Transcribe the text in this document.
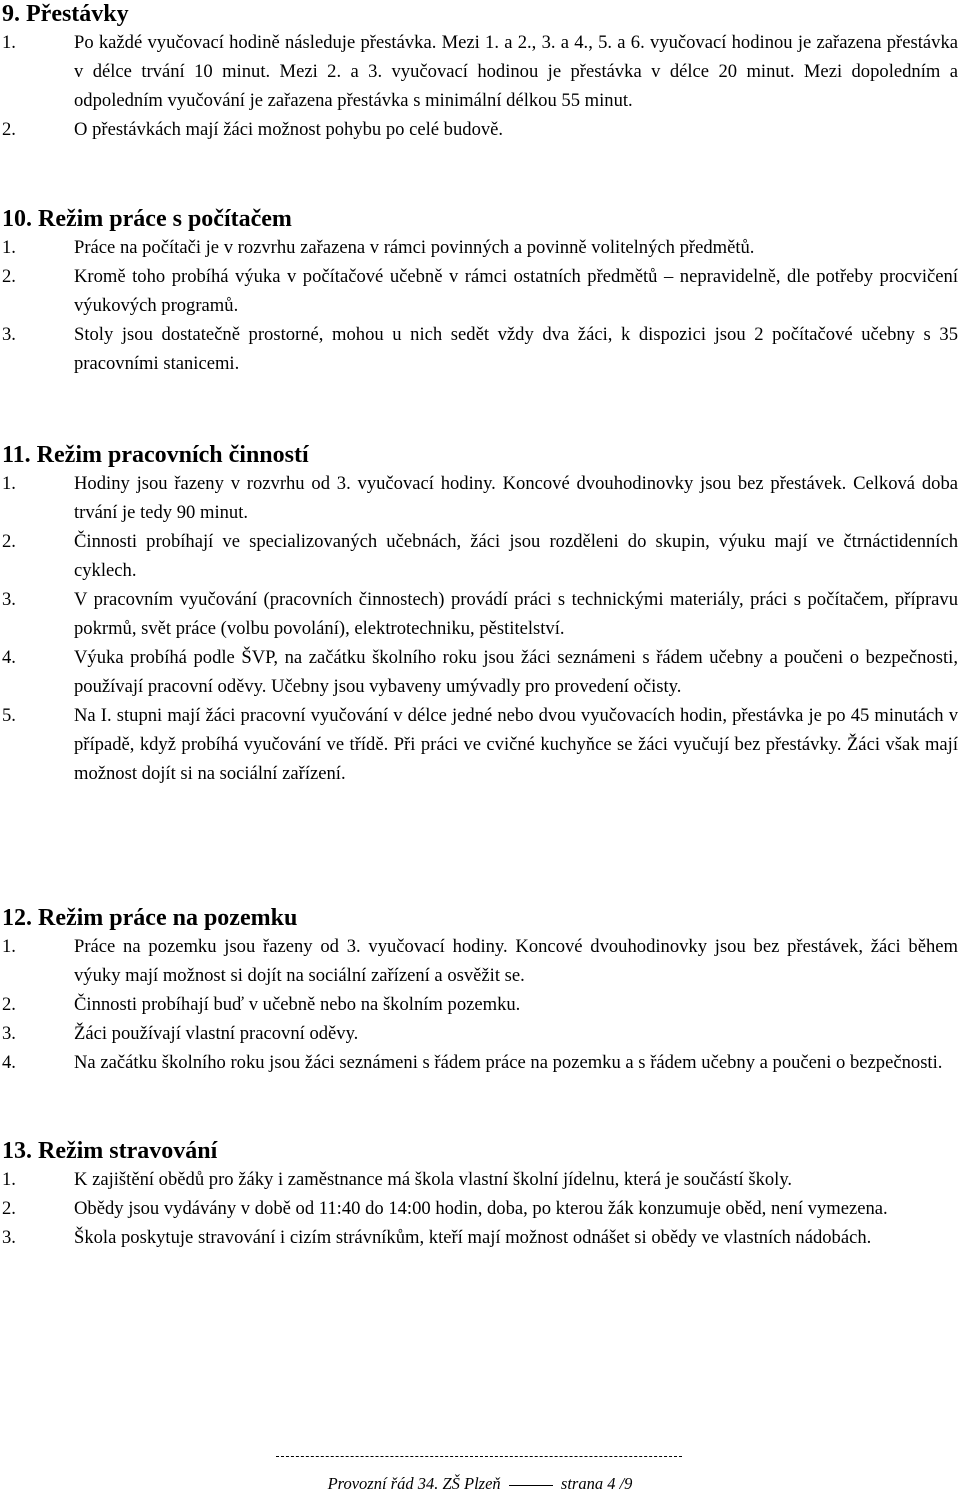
9. Přestávky
1.	Po každé vyučovací hodině následuje přestávka. Mezi 1. a 2., 3. a 4., 5. a 6. vyučovací hodinou je zařazena přestávka v délce trvání 10 minut. Mezi 2. a 3. vyučovací hodinou je přestávka v délce 20 minut. Mezi dopoledním a odpoledním vyučování je zařazena přestávka s minimální délkou 55 minut.
2.	O přestávkách mají žáci možnost pohybu po celé budově.
10. Režim práce s počítačem
1.	Práce na počítači je v rozvrhu zařazena v rámci povinných a povinně volitelných předmětů.
2.	Kromě toho probíhá výuka v počítačové učebně v rámci ostatních předmětů – nepravidelně, dle potřeby procvičení výukových programů.
3.	Stoly jsou dostatečně prostorné, mohou u nich sedět vždy dva žáci, k dispozici jsou 2 počítačové učebny s 35 pracovními stanicemi.
11. Režim pracovních činností
1.	Hodiny jsou řazeny v rozvrhu od 3. vyučovací hodiny. Koncové dvouhodinovky jsou bez přestávek. Celková doba trvání je tedy 90 minut.
2.	Činnosti probíhají ve specializovaných učebnách, žáci jsou rozděleni do skupin, výuku mají ve čtrnáctidenních cyklech.
3.	V pracovním vyučování (pracovních činnostech) provádí práci s technickými materiály, práci s počítačem, přípravu pokrmů, svět práce (volbu povolání), elektrotechniku, pěstitelství.
4.	Výuka probíhá podle ŠVP, na začátku školního roku jsou žáci seznámeni s řádem učebny a poučeni o bezpečnosti, používají pracovní oděvy. Učebny jsou vybaveny umývadly pro provedení očisty.
5.	Na I. stupni mají žáci pracovní vyučování v délce jedné nebo dvou vyučovacích hodin, přestávka je po 45 minutách v případě, když probíhá vyučování ve třídě. Při práci ve cvičné kuchyňce se žáci vyučují bez přestávky. Žáci však mají možnost dojít si na sociální zařízení.
12. Režim práce na pozemku
1.	Práce na pozemku jsou řazeny od 3. vyučovací hodiny. Koncové dvouhodinovky jsou bez přestávek, žáci během výuky mají možnost si dojít na sociální zařízení a osvěžit se.
2.	Činnosti probíhají buď v učebně nebo na školním pozemku.
3.	Žáci používají vlastní pracovní oděvy.
4.	Na začátku školního roku jsou žáci seznámeni s řádem práce na pozemku a s řádem učebny a poučeni o bezpečnosti.
13. Režim stravování
1.	K zajištění obědů pro žáky i zaměstnance má škola vlastní školní jídelnu, která je součástí školy.
2.	Obědy jsou vydávány v době od 11:40 do 14:00 hodin, doba, po kterou žák konzumuje oběd, není vymezena.
3.	Škola poskytuje stravování i cizím strávníkům, kteří mají možnost odnášet si obědy ve vlastních nádobách.
Provozní řád 34. ZŠ Plzeň	strana 4 /9
